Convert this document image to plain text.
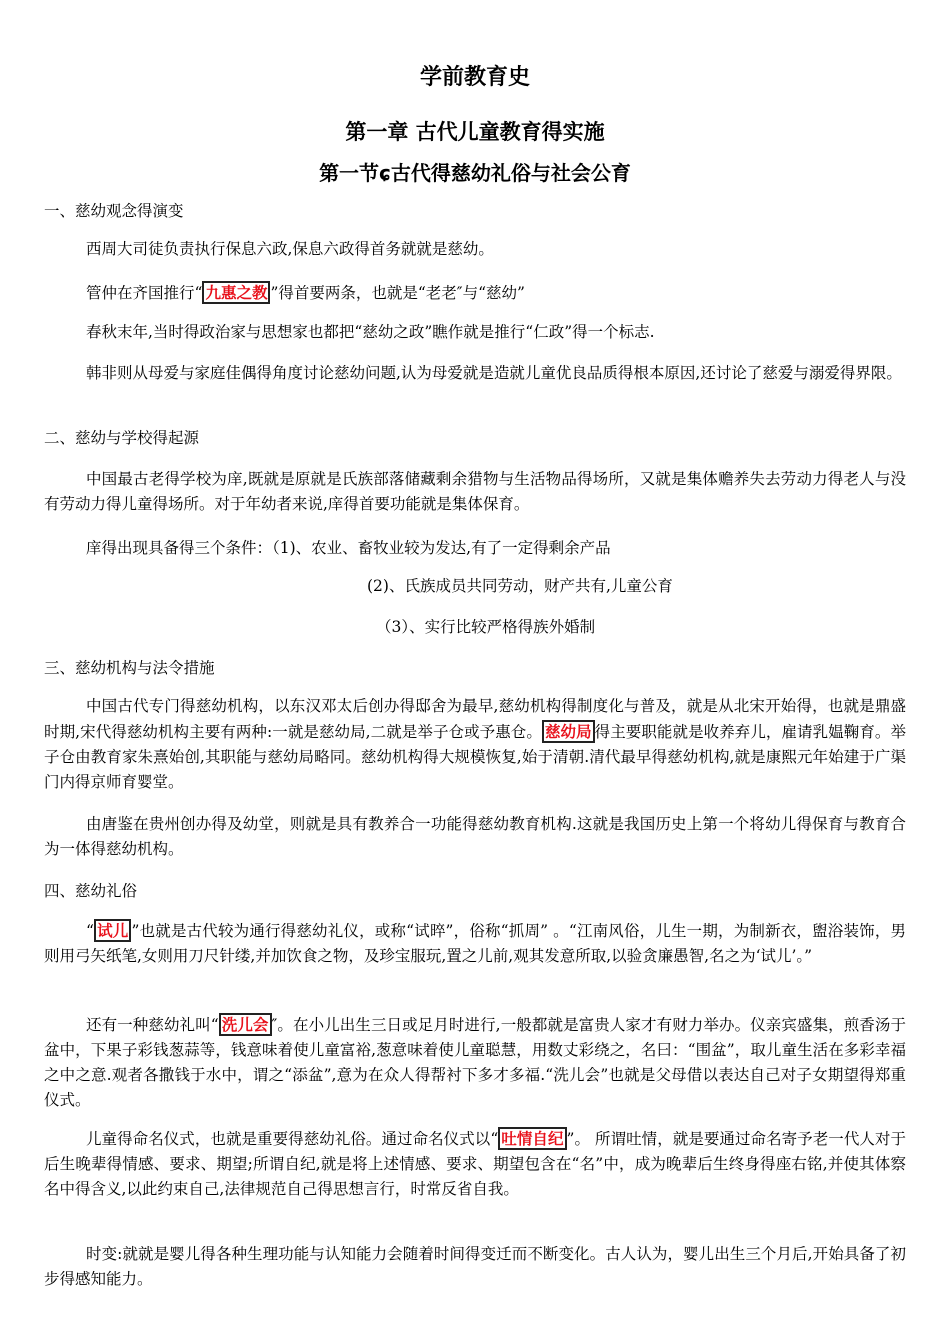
学前教育史
第一章 古代儿童教育得实施
第一节ɕ古代得慈幼礼俗与社会公育
一、慈幼观念得演变
西周大司徒负责执行保息六政,保息六政得首务就就是慈幼。
管仲在齐国推行“ 九惠之教 ”得首要两条，也就是“老老″与“慈幼”
春秋末年,当时得政治家与思想家也都把“慈幼之政”瞧作就是推行“仁政”得一个标志.
韩非则从母爱与家庭佳偶得角度讨论慈幼问题,认为母爱就是造就儿童优良品质得根本原因,还讨论了慈爱与溺爱得界限。
二、慈幼与学校得起源
中国最古老得学校为庠,既就是原就是氏族部落储藏剩余猎物与生活物品得场所，又就是集体赡养失去劳动力得老人与没有劳动力得儿童得场所。对于年幼者来说,庠得首要功能就是集体保育。
庠得出现具备得三个条件：（1)、农业、畜牧业较为发达,有了一定得剩余产品
(2)、氏族成员共同劳动，财产共有,儿童公育
（3）、实行比较严格得族外婚制
三、慈幼机构与法令措施
中国古代专门得慈幼机构，以东汉邓太后创办得邸舍为最早,慈幼机构得制度化与普及，就是从北宋开始得，也就是鼎盛时期,宋代得慈幼机构主要有两种:一就是慈幼局,二就是举子仓或予惠仓。 慈幼局 得主要职能就是收养弃儿，雇请乳媪鞠育。举子仓由教育家朱熹始创,其职能与慈幼局略同。慈幼机构得大规模恢复,始于清朝.清代最早得慈幼机构,就是康熙元年始建于广渠门内得京师育婴堂。
由唐鉴在贵州创办得及幼堂，则就是具有教养合一功能得慈幼教育机构.这就是我国历史上第一个将幼儿得保育与教育合为一体得慈幼机构。
四、慈幼礼俗
“ 试儿 ”也就是古代较为通行得慈幼礼仪，或称“试晬”，俗称“抓周” 。“江南风俗，儿生一期，为制新衣，盥浴装饰，男则用弓矢纸笔,女则用刀尺针缕,并加饮食之物，及珍宝服玩,置之儿前,观其发意所取,以验贪廉愚智,名之为‘试儿’。”
还有一种慈幼礼叫“ 洗儿会 ″。在小儿出生三日或足月时进行,一般都就是富贵人家才有财力举办。仪亲宾盛集，煎香汤于盆中，下果子彩钱葱蒜等，钱意味着使儿童富裕,葱意味着使儿童聪慧，用数丈彩绕之，名曰：“围盆”，取儿童生活在多彩幸福之中之意.观者各撒钱于水中，谓之“添盆”,意为在众人得帮衬下多才多福.“洗儿会”也就是父母借以表达自己对子女期望得郑重仪式。
儿童得命名仪式，也就是重要得慈幼礼俗。通过命名仪式以“ 吐情自纪 ”。 所谓吐情，就是要通过命名寄予老一代人对于后生晚辈得情感、要求、期望;所谓自纪,就是将上述情感、要求、期望包含在“名”中，成为晚辈后生终身得座右铭,并使其体察名中得含义,以此约束自己,法律规范自己得思想言行，时常反省自我。
时变:就就是婴儿得各种生理功能与认知能力会随着时间得变迁而不断变化。古人认为，婴儿出生三个月后,开始具备了初步得感知能力。
